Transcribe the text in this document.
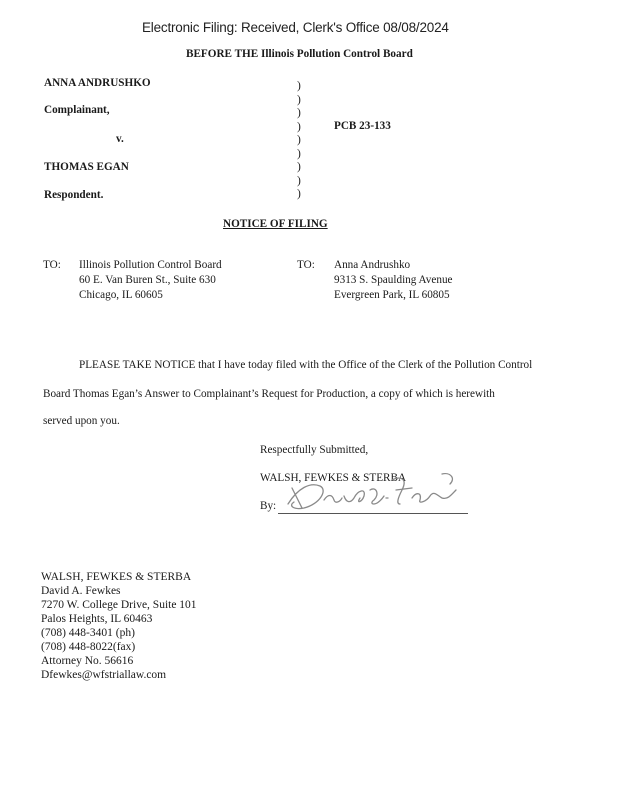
Electronic Filing: Received, Clerk's Office 08/08/2024
BEFORE THE Illinois Pollution Control Board
ANNA ANDRUSHKO
Complainant,
v.
THOMAS EGAN
Respondent.
)
)
)
)
)
)
)
)
)
PCB 23-133
NOTICE OF FILING
TO: Illinois Pollution Control Board
60 E. Van Buren St., Suite 630
Chicago, IL 60605
TO: Anna Andrushko
9313 S. Spaulding Avenue
Evergreen Park, IL 60805
PLEASE TAKE NOTICE that I have today filed with the Office of the Clerk of the Pollution Control
Board Thomas Egan’s Answer to Complainant’s Request for Production, a copy of which is herewith
served upon you.
Respectfully Submitted,
WALSH, FEWKES & STERBA
By:
WALSH, FEWKES & STERBA
David A. Fewkes
7270 W. College Drive, Suite 101
Palos Heights, IL 60463
(708) 448-3401 (ph)
(708) 448-8022(fax)
Attorney No. 56616
Dfewkes@wfstriallaw.com
